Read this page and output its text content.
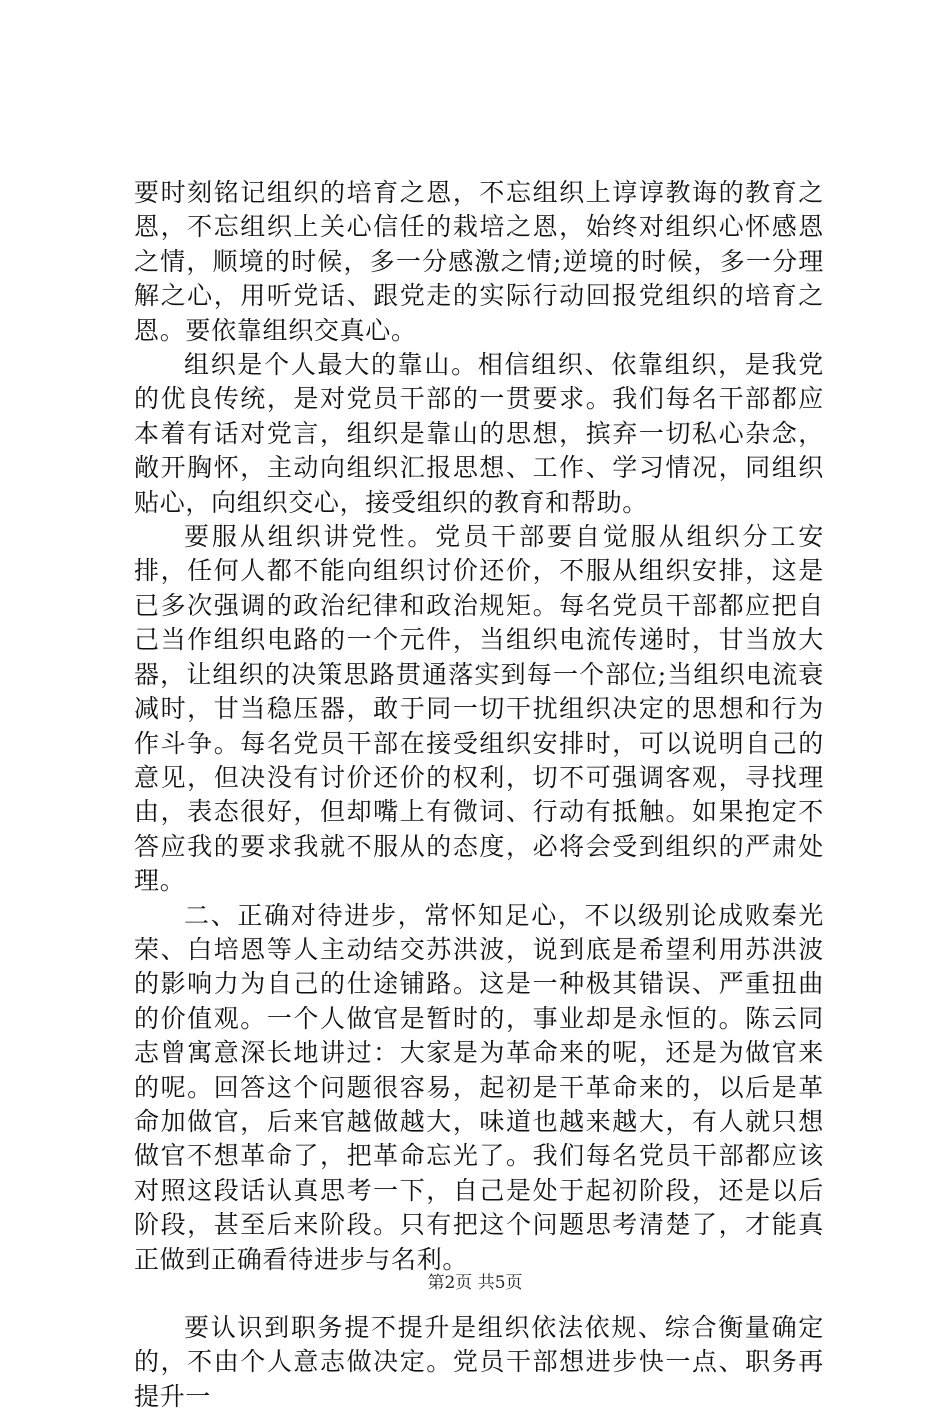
要时刻铭记组织的培育之恩，不忘组织上谆谆教诲的教育之恩，不忘组织上关心信任的栽培之恩，始终对组织心怀感恩之情，顺境的时候，多一分感激之情;逆境的时候，多一分理解之心，用听党话、跟党走的实际行动回报党组织的培育之恩。要依靠组织交真心。

组织是个人最大的靠山。相信组织、依靠组织，是我党的优良传统，是对党员干部的一贯要求。我们每名干部都应本着有话对党言，组织是靠山的思想，摈弃一切私心杂念，敞开胸怀，主动向组织汇报思想、工作、学习情况，同组织贴心，向组织交心，接受组织的教育和帮助。

要服从组织讲党性。党员干部要自觉服从组织分工安排，任何人都不能向组织讨价还价，不服从组织安排，这是已多次强调的政治纪律和政治规矩。每名党员干部都应把自己当作组织电路的一个元件，当组织电流传递时，甘当放大器，让组织的决策思路贯通落实到每一个部位;当组织电流衰减时，甘当稳压器，敢于同一切干扰组织决定的思想和行为作斗争。每名党员干部在接受组织安排时，可以说明自己的意见，但决没有讨价还价的权利，切不可强调客观，寻找理由，表态很好，但却嘴上有微词、行动有抵触。如果抱定不答应我的要求我就不服从的态度，必将会受到组织的严肃处理。

二、正确对待进步，常怀知足心，不以级别论成败秦光荣、白培恩等人主动结交苏洪波，说到底是希望利用苏洪波的影响力为自己的仕途铺路。这是一种极其错误、严重扭曲的价值观。一个人做官是暂时的，事业却是永恒的。陈云同志曾寓意深长地讲过：大家是为革命来的呢，还是为做官来的呢。回答这个问题很容易，起初是干革命来的，以后是革命加做官，后来官越做越大，味道也越来越大，有人就只想做官不想革命了，把革命忘光了。我们每名党员干部都应该对照这段话认真思考一下，自己是处于起初阶段，还是以后阶段，甚至后来阶段。只有把这个问题思考清楚了，才能真正做到正确看待进步与名利。

要认识到职务提不提升是组织依法依规、综合衡量确定的，不由个人意志做决定。党员干部想进步快一点、职务再提升一

第2页 共5页
